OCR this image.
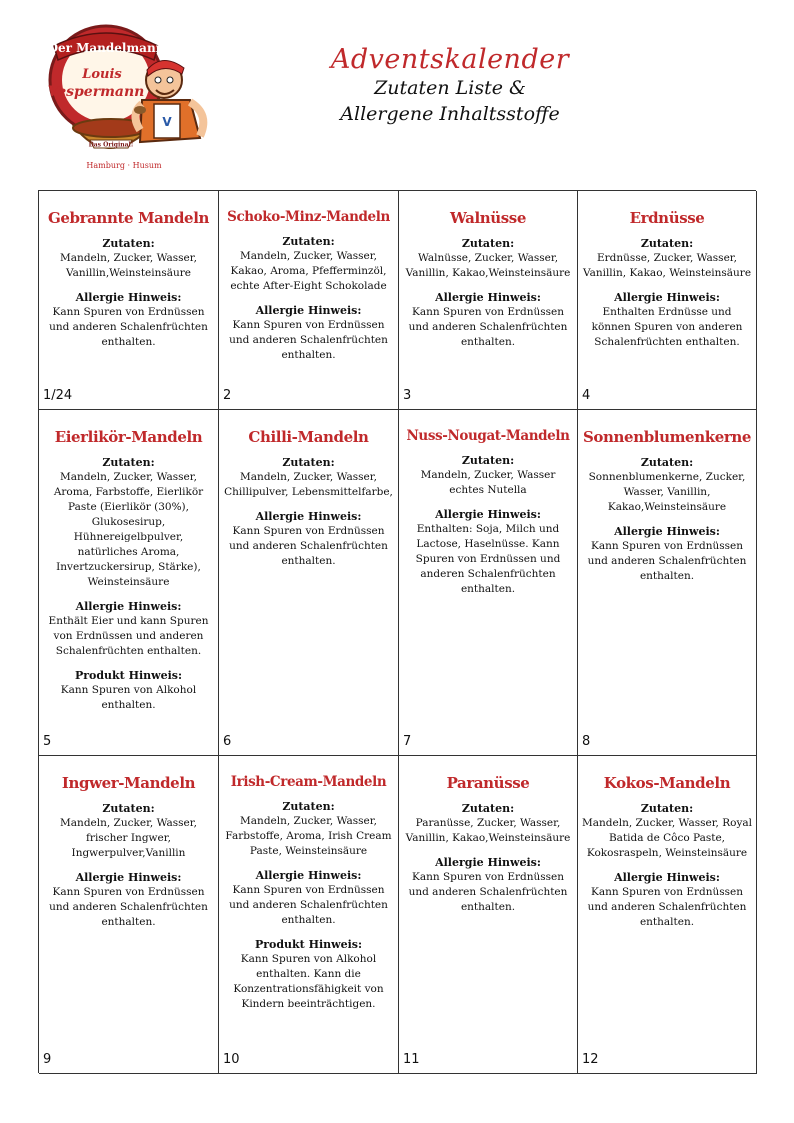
Der Mandelmann
Louis
Vespermann
Das Original!
V
Hamburg · Husum
Adventskalender
Zutaten Liste &
Allergene Inhaltsstoffe
Gebrannte Mandeln
Zutaten:
Mandeln, Zucker, Wasser, Vanillin,Weinsteinsäure
Allergie Hinweis:
Kann Spuren von Erdnüssen und anderen Schalenfrüchten enthalten.
1/24
Schoko-Minz-Mandeln
Zutaten:
Mandeln, Zucker, Wasser, Kakao, Aroma, Pfefferminzöl, echte After-Eight Schokolade
Allergie Hinweis:
Kann Spuren von Erdnüssen und anderen Schalenfrüchten enthalten.
2
Walnüsse
Zutaten:
Walnüsse, Zucker, Wasser, Vanillin, Kakao,Weinsteinsäure
Allergie Hinweis:
Kann Spuren von Erdnüssen und anderen Schalenfrüchten enthalten.
3
Erdnüsse
Zutaten:
Erdnüsse, Zucker, Wasser, Vanillin, Kakao, Weinsteinsäure
Allergie Hinweis:
Enthalten Erdnüsse und können Spuren von anderen Schalenfrüchten enthalten.
4
Eierlikör-Mandeln
Zutaten:
Mandeln, Zucker, Wasser, Aroma, Farbstoffe, Eierlikör Paste (Eierlikör (30%), Glukosesirup, Hühnereigelbpulver, natürliches Aroma, Invertzuckersirup, Stärke), Weinsteinsäure
Allergie Hinweis:
Enthält Eier und kann Spuren von Erdnüssen und anderen Schalenfrüchten enthalten.
Produkt Hinweis:
Kann Spuren von Alkohol enthalten.
5
Chilli-Mandeln
Zutaten:
Mandeln, Zucker, Wasser, Chillipulver, Lebensmittelfarbe,
Allergie Hinweis:
Kann Spuren von Erdnüssen und anderen Schalenfrüchten enthalten.
6
Nuss-Nougat-Mandeln
Zutaten:
Mandeln, Zucker, Wasser echtes Nutella
Allergie Hinweis:
Enthalten: Soja, Milch und Lactose, Haselnüsse. Kann Spuren von Erdnüssen und anderen Schalenfrüchten enthalten.
7
Sonnenblumenkerne
Zutaten:
Sonnenblumenkerne, Zucker, Wasser, Vanillin, Kakao,Weinsteinsäure
Allergie Hinweis:
Kann Spuren von Erdnüssen und anderen Schalenfrüchten enthalten.
8
Ingwer-Mandeln
Zutaten:
Mandeln, Zucker, Wasser, frischer Ingwer, Ingwerpulver,Vanillin
Allergie Hinweis:
Kann Spuren von Erdnüssen und anderen Schalenfrüchten enthalten.
9
Irish-Cream-Mandeln
Zutaten:
Mandeln, Zucker, Wasser, Farbstoffe, Aroma, Irish Cream Paste, Weinsteinsäure
Allergie Hinweis:
Kann Spuren von Erdnüssen und anderen Schalenfrüchten enthalten.
Produkt Hinweis:
Kann Spuren von Alkohol enthalten. Kann die Konzentrationsfähigkeit von Kindern beeinträchtigen.
10
Paranüsse
Zutaten:
Paranüsse, Zucker, Wasser, Vanillin, Kakao,Weinsteinsäure
Allergie Hinweis:
Kann Spuren von Erdnüssen und anderen Schalenfrüchten enthalten.
11
Kokos-Mandeln
Zutaten:
Mandeln, Zucker, Wasser, Royal Batida de Côco Paste, Kokosraspeln, Weinsteinsäure
Allergie Hinweis:
Kann Spuren von Erdnüssen und anderen Schalenfrüchten enthalten.
12
